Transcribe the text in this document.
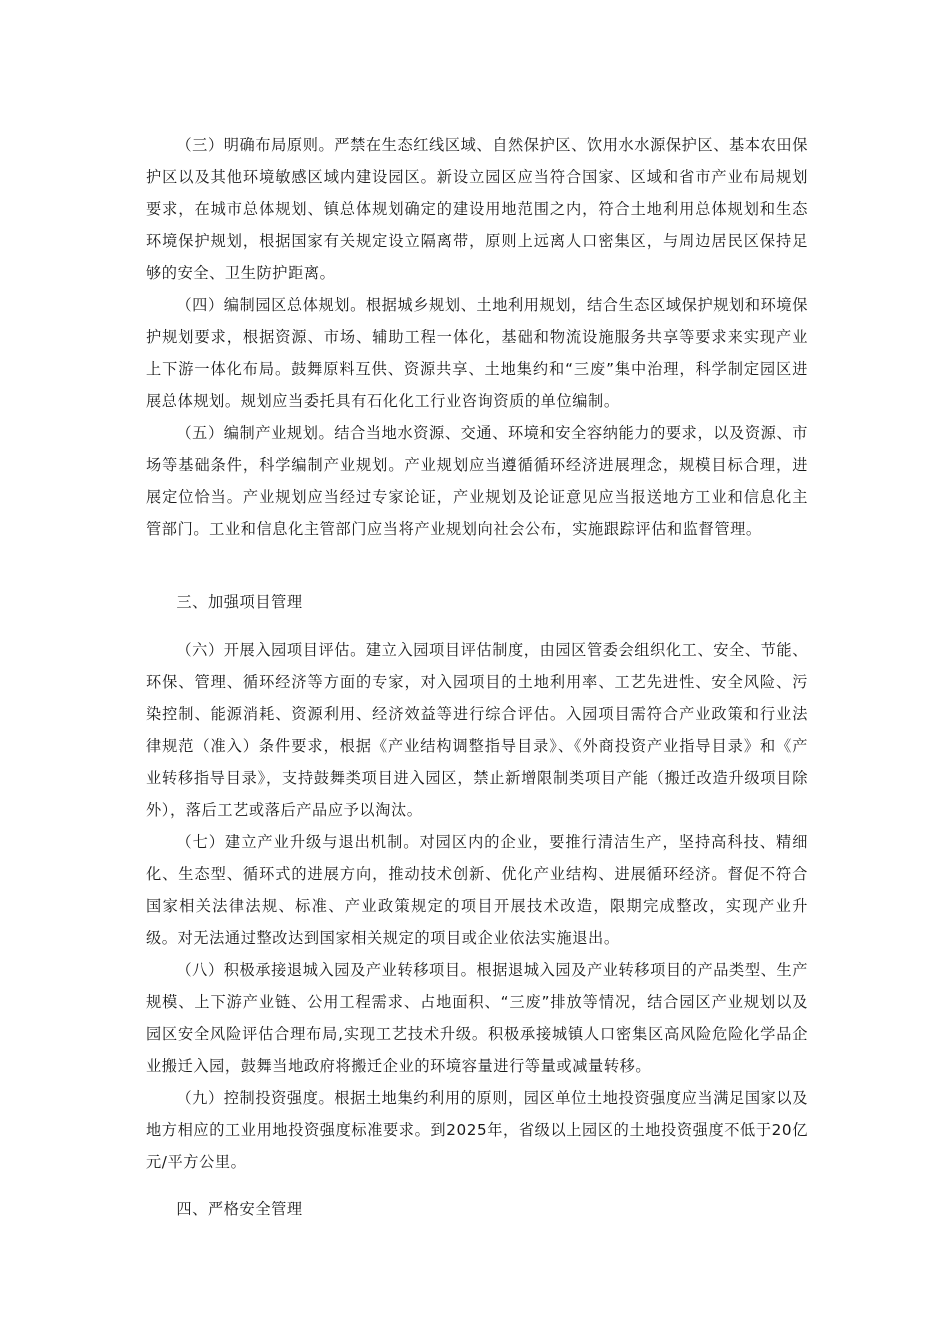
（三）明确布局原则。严禁在生态红线区域、自然保护区、饮用水水源保护区、基本农田保护区以及其他环境敏感区域内建设园区。新设立园区应当符合国家、区域和省市产业布局规划要求，在城市总体规划、镇总体规划确定的建设用地范围之内，符合土地利用总体规划和生态环境保护规划，根据国家有关规定设立隔离带，原则上远离人口密集区，与周边居民区保持足够的安全、卫生防护距离。

（四）编制园区总体规划。根据城乡规划、土地利用规划，结合生态区域保护规划和环境保护规划要求，根据资源、市场、辅助工程一体化，基础和物流设施服务共享等要求来实现产业上下游一体化布局。鼓舞原料互供、资源共享、土地集约和“三废”集中治理，科学制定园区进展总体规划。规划应当委托具有石化化工行业咨询资质的单位编制。

（五）编制产业规划。结合当地水资源、交通、环境和安全容纳能力的要求，以及资源、市场等基础条件，科学编制产业规划。产业规划应当遵循循环经济进展理念，规模目标合理，进展定位恰当。产业规划应当经过专家论证，产业规划及论证意见应当报送地方工业和信息化主管部门。工业和信息化主管部门应当将产业规划向社会公布，实施跟踪评估和监督管理。

三、加强项目管理

（六）开展入园项目评估。建立入园项目评估制度，由园区管委会组织化工、安全、节能、环保、管理、循环经济等方面的专家，对入园项目的土地利用率、工艺先进性、安全风险、污染控制、能源消耗、资源利用、经济效益等进行综合评估。入园项目需符合产业政策和行业法律规范（准入）条件要求，根据《产业结构调整指导目录》、《外商投资产业指导目录》和《产业转移指导目录》，支持鼓舞类项目进入园区，禁止新增限制类项目产能（搬迁改造升级项目除外），落后工艺或落后产品应予以淘汰。

（七）建立产业升级与退出机制。对园区内的企业，要推行清洁生产，坚持高科技、精细化、生态型、循环式的进展方向，推动技术创新、优化产业结构、进展循环经济。督促不符合国家相关法律法规、标准、产业政策规定的项目开展技术改造，限期完成整改，实现产业升级。对无法通过整改达到国家相关规定的项目或企业依法实施退出。

（八）积极承接退城入园及产业转移项目。根据退城入园及产业转移项目的产品类型、生产规模、上下游产业链、公用工程需求、占地面积、“三废”排放等情况，结合园区产业规划以及园区安全风险评估合理布局,实现工艺技术升级。积极承接城镇人口密集区高风险危险化学品企业搬迁入园，鼓舞当地政府将搬迁企业的环境容量进行等量或减量转移。

（九）控制投资强度。根据土地集约利用的原则，园区单位土地投资强度应当满足国家以及地方相应的工业用地投资强度标准要求。到2025年，省级以上园区的土地投资强度不低于20亿元/平方公里。

四、严格安全管理
